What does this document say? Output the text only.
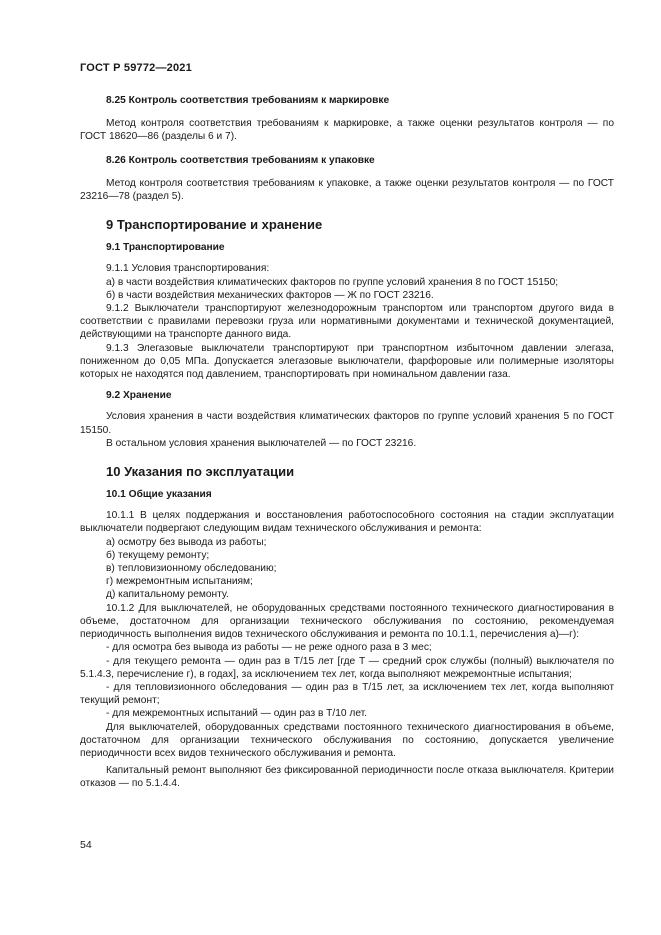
ГОСТ Р 59772—2021

8.25 Контроль соответствия требованиям к маркировке

Метод контроля соответствия требованиям к маркировке, а также оценки результатов контроля — по ГОСТ 18620—86 (разделы 6 и 7).

8.26 Контроль соответствия требованиям к упаковке

Метод контроля соответствия требованиям к упаковке, а также оценки результатов контроля — по ГОСТ 23216—78 (раздел 5).

9 Транспортирование и хранение

9.1 Транспортирование

9.1.1 Условия транспортирования:

а) в части воздействия климатических факторов по группе условий хранения 8 по ГОСТ 15150;

б) в части воздействия механических факторов — Ж по ГОСТ 23216.

9.1.2 Выключатели транспортируют железнодорожным транспортом или транспортом другого вида в соответствии с правилами перевозки груза или нормативными документами и технической документацией, действующими на транспорте данного вида.

9.1.3 Элегазовые выключатели транспортируют при транспортном избыточном давлении элегаза, пониженном до 0,05 МПа. Допускается элегазовые выключатели, фарфоровые или полимерные изоляторы которых не находятся под давлением, транспортировать при номинальном давлении газа.

9.2 Хранение

Условия хранения в части воздействия климатических факторов по группе условий хранения 5 по ГОСТ 15150.

В остальном условия хранения выключателей — по ГОСТ 23216.

10 Указания по эксплуатации

10.1 Общие указания

10.1.1 В целях поддержания и восстановления работоспособного состояния на стадии эксплуатации выключатели подвергают следующим видам технического обслуживания и ремонта:

а) осмотру без вывода из работы;

б) текущему ремонту;

в) тепловизионному обследованию;

г) межремонтным испытаниям;

д) капитальному ремонту.

10.1.2 Для выключателей, не оборудованных средствами постоянного технического диагностирования в объеме, достаточном для организации технического обслуживания по состоянию, рекомендуемая периодичность выполнения видов технического обслуживания и ремонта по 10.1.1, перечисления а)—г):

- для осмотра без вывода из работы — не реже одного раза в 3 мес;

- для текущего ремонта — один раз в T/15 лет [где T — средний срок службы (полный) выключателя по 5.1.4.3, перечисление г), в годах], за исключением тех лет, когда выполняют межремонтные испытания;

- для тепловизионного обследования — один раз в T/15 лет, за исключением тех лет, когда выполняют текущий ремонт;

- для межремонтных испытаний — один раз в T/10 лет.

Для выключателей, оборудованных средствами постоянного технического диагностирования в объеме, достаточном для организации технического обслуживания по состоянию, допускается увеличение периодичности всех видов технического обслуживания и ремонта.

Капитальный ремонт выполняют без фиксированной периодичности после отказа выключателя. Критерии отказов — по 5.1.4.4.

54
